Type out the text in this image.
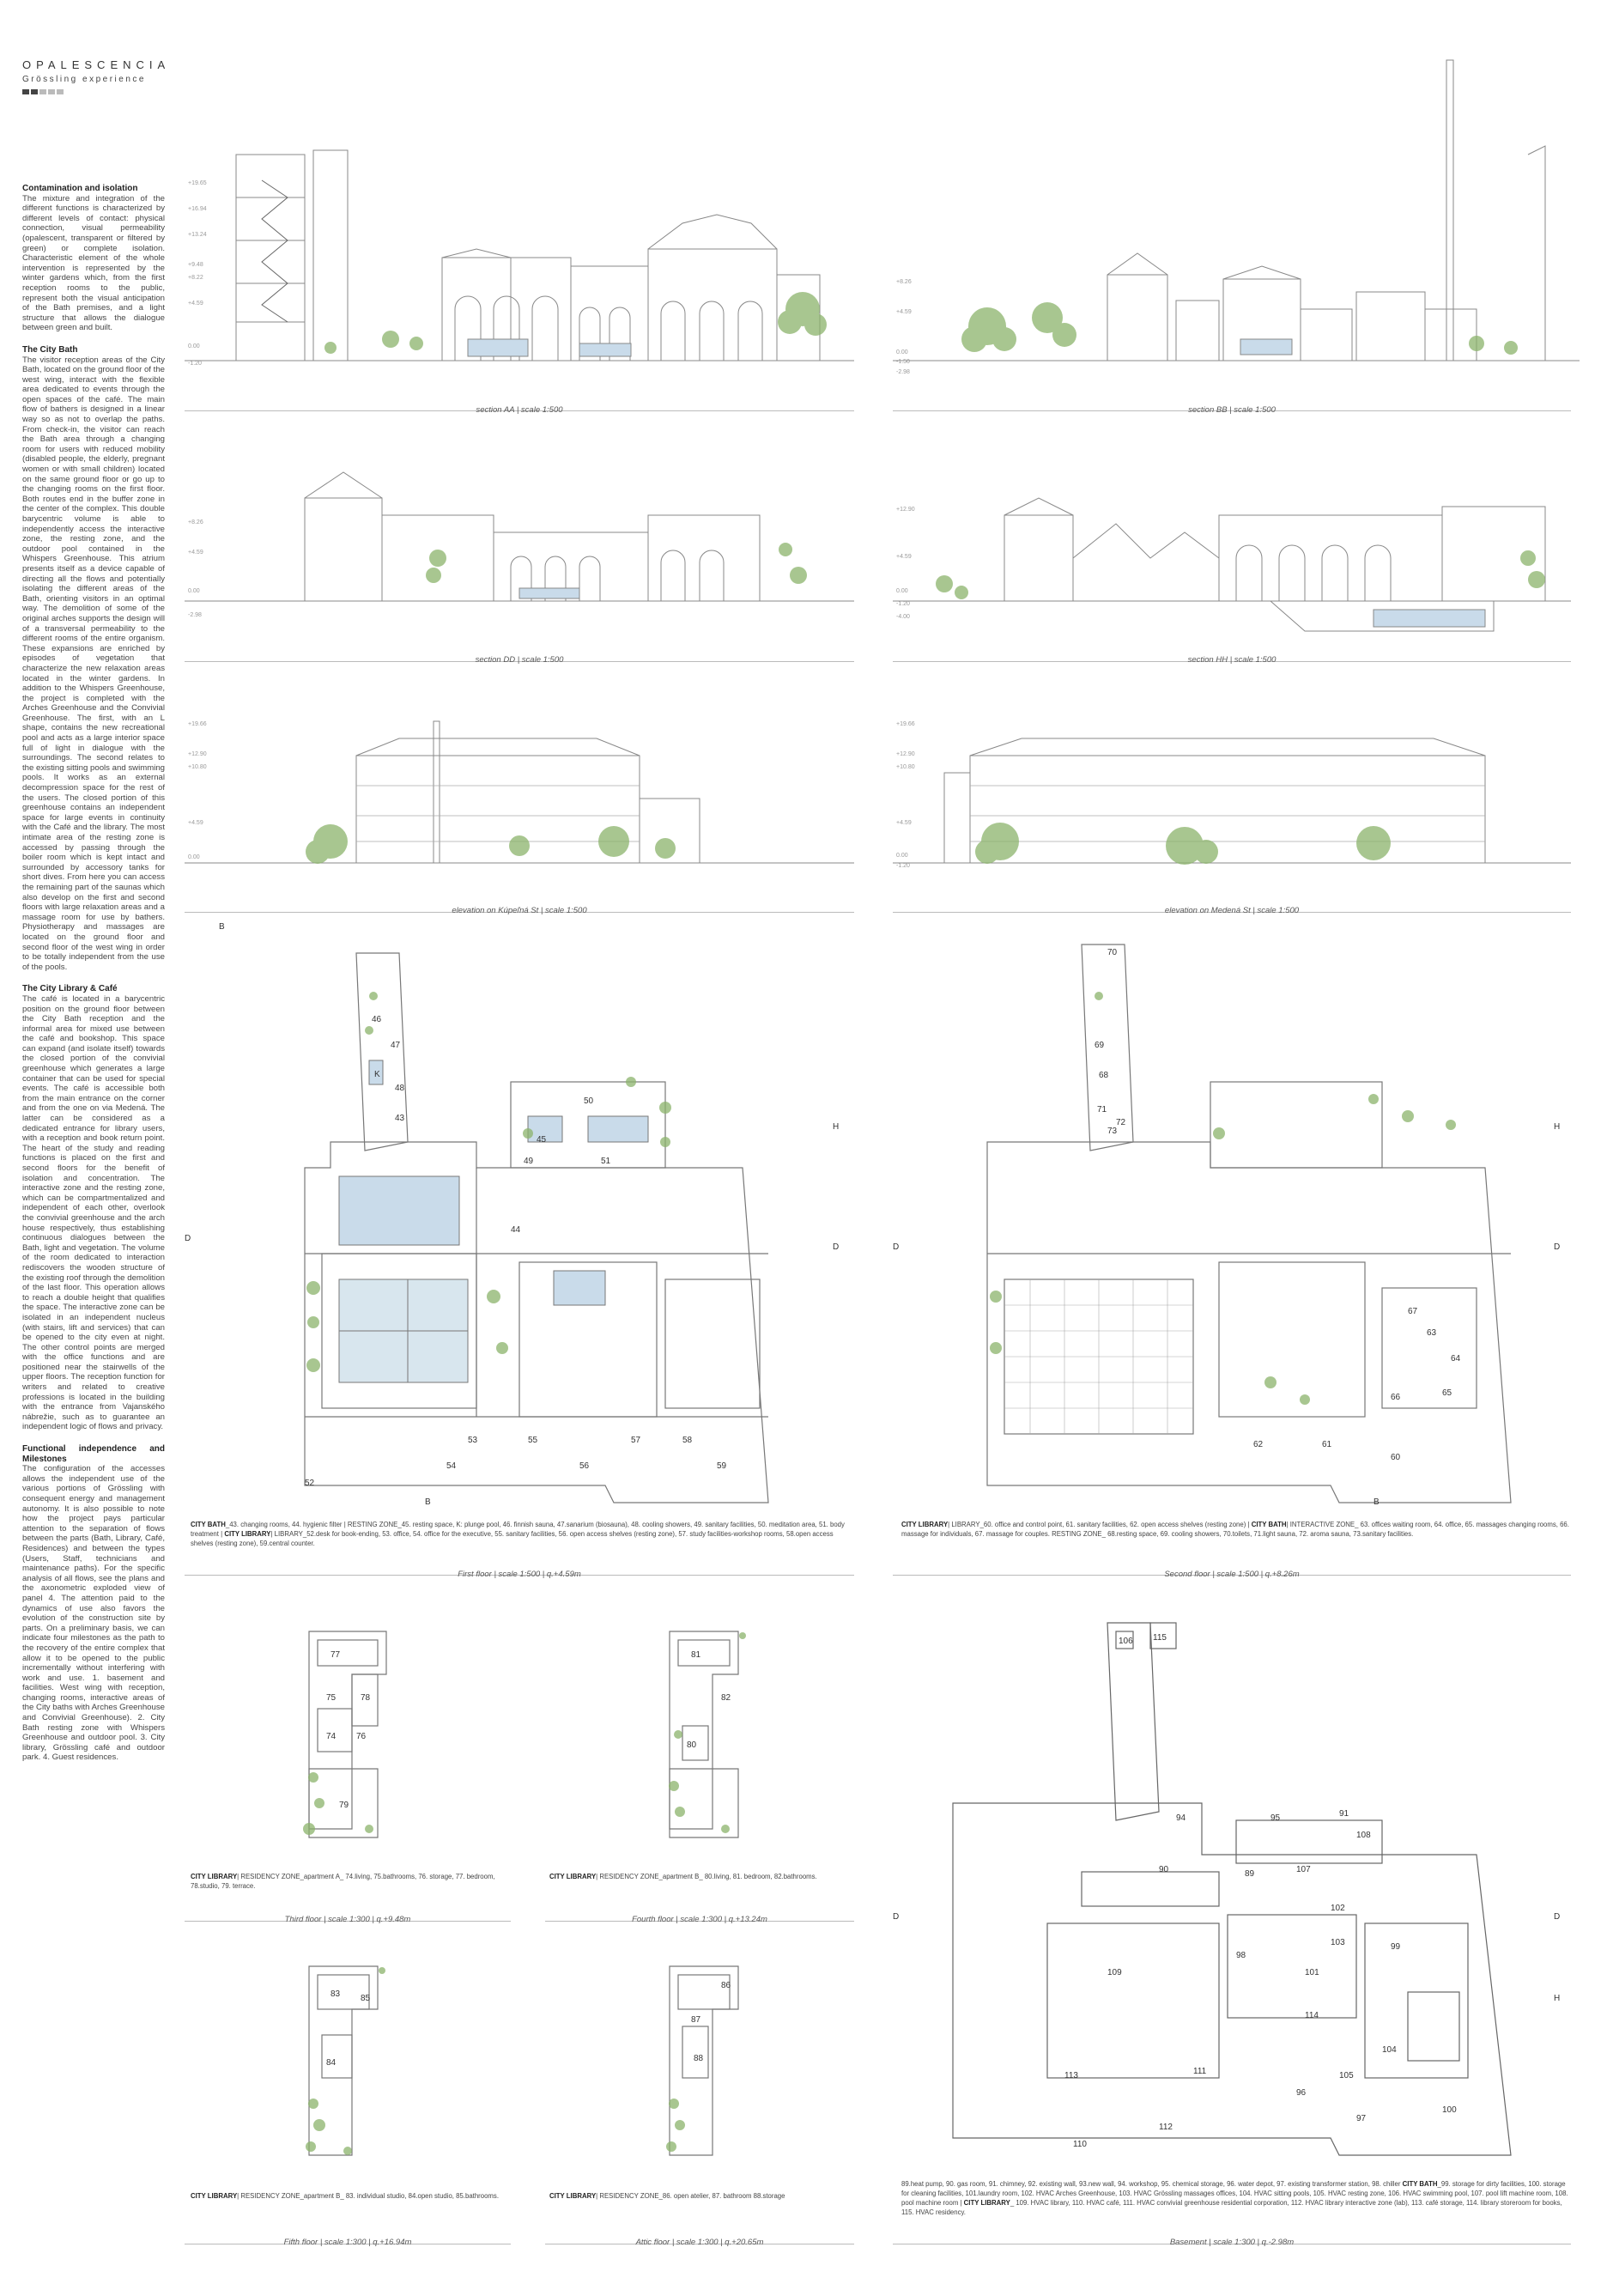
OPALESCENCIA
Grössling experience
Contamination and isolation

The mixture and integration of the different functions is characterized by different levels of contact: physical connection, visual permeability (opalescent, transparent or filtered by green) or complete isolation. Characteristic element of the whole intervention is represented by the winter gardens which, from the first reception rooms to the public, represent both the visual anticipation of the Bath premises, and a light structure that allows the dialogue between green and built.

The City Bath

The visitor reception areas of the City Bath, located on the ground floor of the west wing, interact with the flexible area dedicated to events through the open spaces of the café. The main flow of bathers is designed in a linear way so as not to overlap the paths. From check-in, the visitor can reach the Bath area through a changing room for users with reduced mobility (disabled people, the elderly, pregnant women or with small children) located on the same ground floor or go up to the changing rooms on the first floor. Both routes end in the buffer zone in the center of the complex. This double barycentric volume is able to independently access the interactive zone, the resting zone, and the outdoor pool contained in the Whispers Greenhouse. This atrium presents itself as a device capable of directing all the flows and potentially isolating the different areas of the Bath, orienting visitors in an optimal way. The demolition of some of the original arches supports the design will of a transversal permeability to the different rooms of the entire organism. These expansions are enriched by episodes of vegetation that characterize the new relaxation areas located in the winter gardens. In addition to the Whispers Greenhouse, the project is completed with the Arches Greenhouse and the Convivial Greenhouse. The first, with an L shape, contains the new recreational pool and acts as a large interior space full of light in dialogue with the surroundings. The second relates to the existing sitting pools and swimming pools. It works as an external decompression space for the rest of the users. The closed portion of this greenhouse contains an independent space for large events in continuity with the Café and the library. The most intimate area of the resting zone is accessed by passing through the boiler room which is kept intact and surrounded by accessory tanks for short dives. From here you can access the remaining part of the saunas which also develop on the first and second floors with large relaxation areas and a massage room for use by bathers. Physiotherapy and massages are located on the ground floor and second floor of the west wing in order to be totally independent from the use of the pools.

The City Library & Café

The café is located in a barycentric position on the ground floor between the City Bath reception and the informal area for mixed use between the café and bookshop. This space can expand (and isolate itself) towards the closed portion of the convivial greenhouse which generates a large container that can be used for special events. The café is accessible both from the main entrance on the corner and from the one on via Medená. The latter can be considered as a dedicated entrance for library users, with a reception and book return point. The heart of the study and reading functions is placed on the first and second floors for the benefit of isolation and concentration. The interactive zone and the resting zone, which can be compartmentalized and independent of each other, overlook the convivial greenhouse and the arch house respectively, thus establishing continuous dialogues between the Bath, light and vegetation. The volume of the room dedicated to interaction rediscovers the wooden structure of the existing roof through the demolition of the last floor. This operation allows to reach a double height that qualifies the space. The interactive zone can be isolated in an independent nucleus (with stairs, lift and services) that can be opened to the city even at night. The other control points are merged with the office functions and are positioned near the stairwells of the upper floors. The reception function for writers and related to creative professions is located in the building with the entrance from Vajanského nábrežie, such as to guarantee an independent logic of flows and privacy.

Functional independence and Milestones

The configuration of the accesses allows the independent use of the various portions of Grössling with consequent energy and management autonomy. It is also possible to note how the project pays particular attention to the separation of flows between the parts (Bath, Library, Café, Residences) and between the types (Users, Staff, technicians and maintenance paths). For the specific analysis of all flows, see the plans and the axonometric exploded view of panel 4. The attention paid to the dynamics of use also favors the evolution of the construction site by parts. On a preliminary basis, we can indicate four milestones as the path to the recovery of the entire complex that allow it to be opened to the public incrementally without interfering with work and use. 1. basement and facilities. West wing with reception, changing rooms, interactive areas of the City baths with Arches Greenhouse and Convivial Greenhouse). 2. City Bath resting zone with Whispers Greenhouse and outdoor pool. 3. City library, Grössling café and outdoor park. 4. Guest residences.

+19.65
+16.94
+13.24
+9.48
+8.22
+4.59
0.00
-1.20
section AA | scale 1:500
+8.26
+4.59
0.00
-1.50
-2.98
section BB | scale 1:500
+8.26
+4.59
0.00
-2.98
section DD | scale 1:500
+12.90
+4.59
0.00
-1.20
-4.00
section HH | scale 1:500
+19.66
+12.90
+10.80
+4.59
0.00
elevation on Kúpeľná St | scale 1:500
+19.66
+12.90
+10.80
+4.59
0.00
-1.20
elevation on Medená St | scale 1:500
46
47
48
K
43
44
45
49
50
51
52
53
54
55
56
57	58
59
H
D
D
B
B
CITY BATH_43. changing rooms, 44. hygienic filter | RESTING ZONE_45. resting space, K: plunge pool, 46. finnish sauna, 47.sanarium (biosauna), 48. cooling showers, 49. sanitary facilities, 50. meditation area, 51. body treatment | CITY LIBRARY| LIBRARY_52.desk for book-ending, 53. office, 54. office for the executive, 55. sanitary facilities, 56. open access shelves (resting zone), 57. study facilities-workshop rooms, 58.open access shelves (resting zone), 59.central counter.
First floor | scale 1:500 | q.+4.59m
70
69
68
71
72
73
63
64
65
66
67
60
61
62
H
D	D
B
CITY LIBRARY| LIBRARY_60. office and control point, 61. sanitary facilities, 62. open access shelves (resting zone) | CITY BATH| INTERACTIVE ZONE_ 63. offices waiting room, 64. office, 65. massages changing rooms, 66. massage for individuals, 67. massage for couples. RESTING ZONE_ 68.resting space, 69. cooling showers, 70.toilets, 71.light sauna, 72. aroma sauna, 73.sanitary facilities.
Second floor | scale 1:500 | q.+8.26m
77
78
75
74 76
79
CITY LIBRARY| RESIDENCY ZONE_apartment A_ 74.living, 75.bathrooms, 76. storage, 77. bedroom, 78.studio, 79. terrace.
Third floor | scale 1:300 | q.+9.48m
81
82
80
CITY LIBRARY| RESIDENCY ZONE_apartment B_ 80.living, 81. bedroom, 82.bathrooms.
Fourth floor | scale 1:300 | q.+13.24m
83 85
84
CITY LIBRARY| RESIDENCY ZONE_apartment B_ 83. individual studio, 84.open studio, 85.bathrooms.
Fifth floor | scale 1:300 | q.+16.94m
86
87
88
CITY LIBRARY| RESIDENCY ZONE_86. open atelier, 87. bathroom 88.storage
Attic floor | scale 1:300 | q.+20.65m
115
106
108
89
90
91
98
107
102
103
109
110
111
112
113
114
104
105
101
99
100
97
96
94	95
D	D
H
89.heat pump, 90. gas room, 91. chimney, 92. existing wall, 93.new wall, 94. workshop, 95. chemical storage, 96. water depot, 97. existing transformer station, 98. chiller CITY BATH_99. storage for dirty facilities, 100. storage for cleaning facilities, 101.laundry room, 102. HVAC Arches Greenhouse, 103. HVAC Grössling massages offices, 104. HVAC sitting pools, 105. HVAC resting zone, 106. HVAC swimming pool, 107. pool lift machine room, 108. pool machine room | CITY LIBRARY_ 109. HVAC library, 110. HVAC café, 111. HVAC convivial greenhouse residential corporation, 112. HVAC library interactive zone (lab), 113. café storage, 114. library storeroom for books, 115. HVAC residency.
Basement | scale 1:300 | q.-2.98m
